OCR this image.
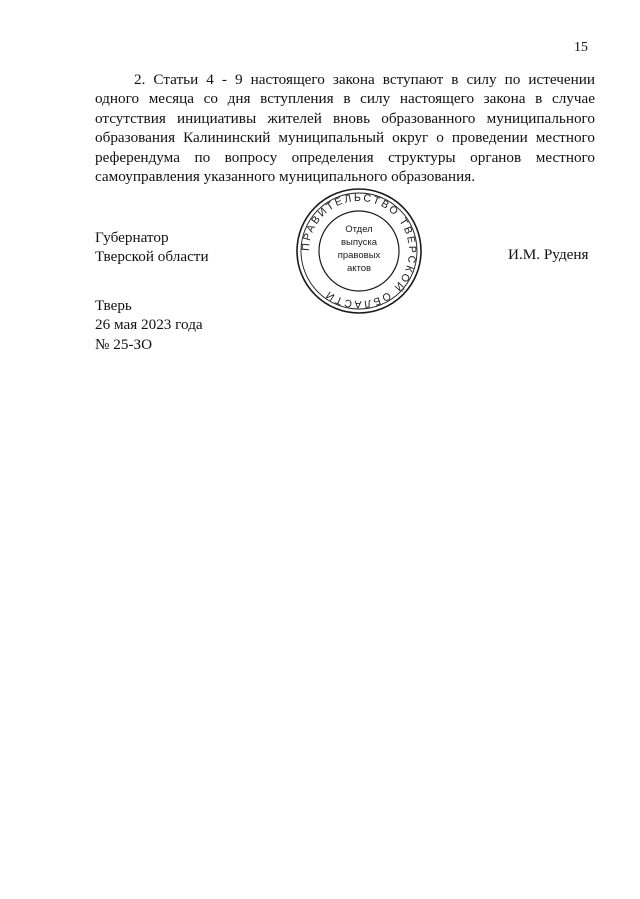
15

2. Статьи 4 - 9 настоящего закона вступают в силу по истечении одного месяца со дня вступления в силу настоящего закона в случае отсутствия инициативы жителей вновь образованного муниципального образования Калининский муниципальный округ о проведении местного референдума по вопросу определения структуры органов местного самоуправления указанного муниципального образования.

Губернатор
Тверской области
ПРАВИТЕЛЬСТВО ТВЕРСКОЙ ОБЛАСТИ
Отдел
выпуска
правовых
актов
И.М. Руденя
Тверь
26 мая 2023 года
№ 25-ЗО
